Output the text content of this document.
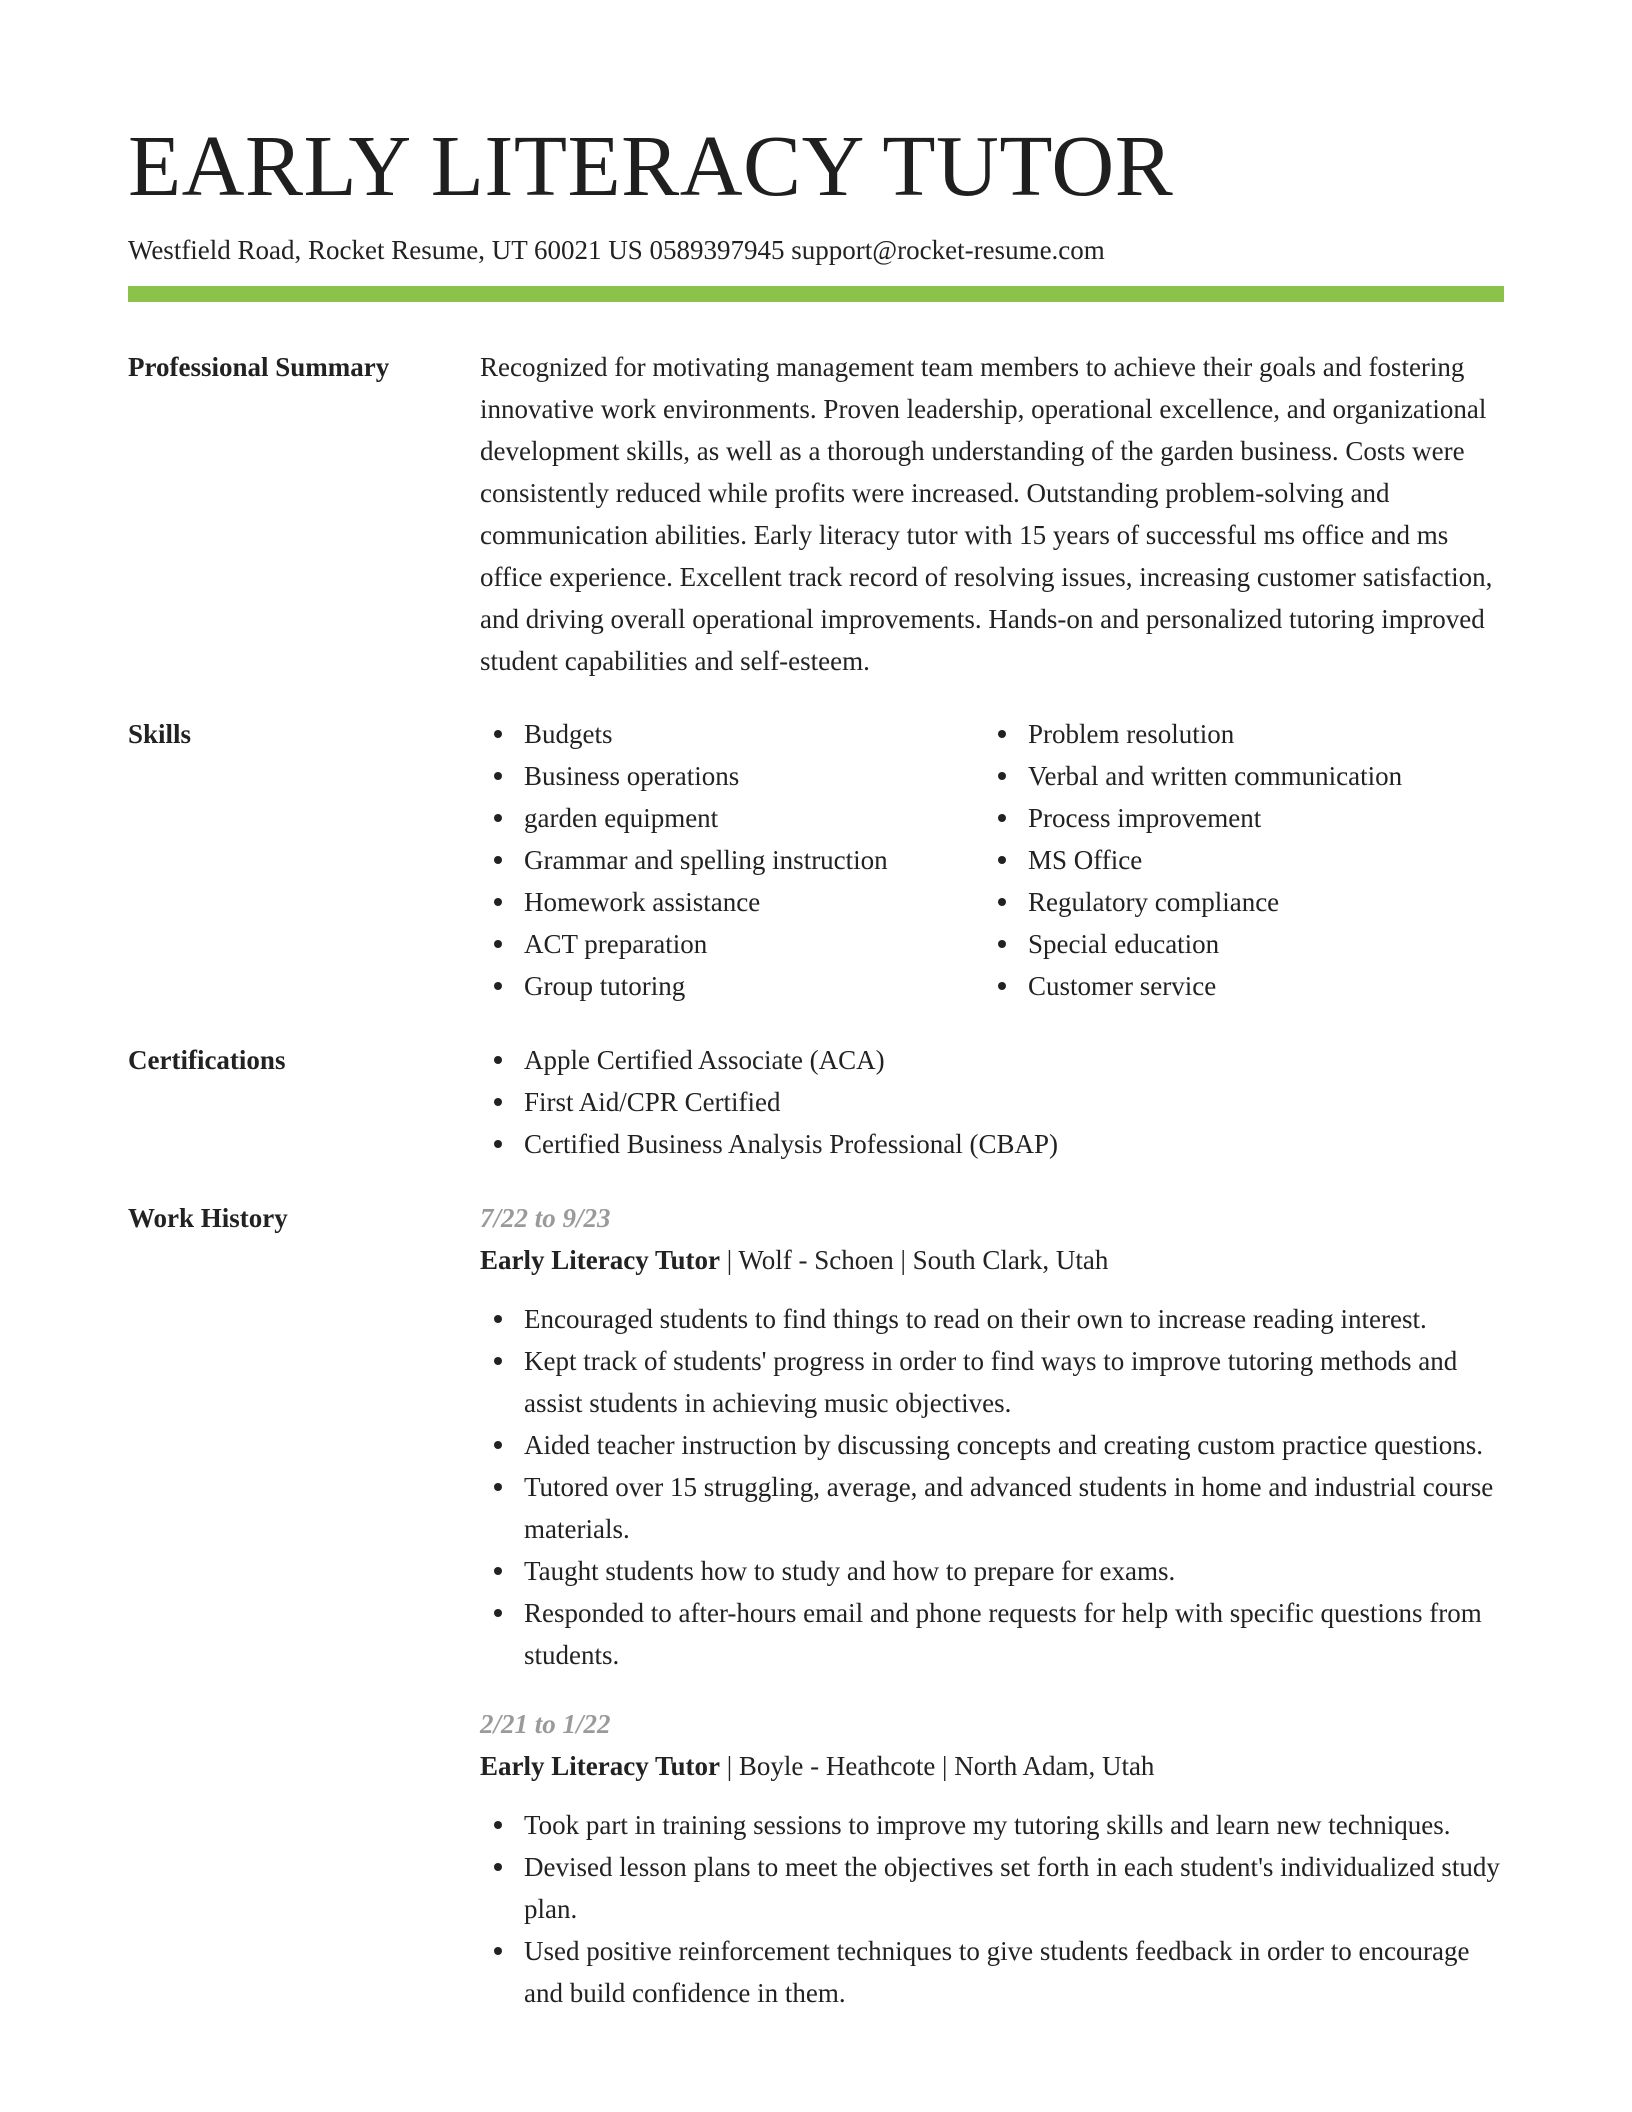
EARLY LITERACY TUTOR
Westfield Road, Rocket Resume, UT 60021 US 0589397945 support@rocket-resume.com
Professional Summary	Recognized for motivating management team members to achieve their goals and fostering innovative work environments. Proven leadership, operational excellence, and organizational development skills, as well as a thorough understanding of the garden business. Costs were consistently reduced while profits were increased. Outstanding problem-solving and communication abilities. Early literacy tutor with 15 years of successful ms office and ms office experience. Excellent track record of resolving issues, increasing customer satisfaction, and driving overall operational improvements. Hands-on and personalized tutoring improved student capabilities and self-esteem.
Skills	Budgets
Business operations
garden equipment
Grammar and spelling instruction
Homework assistance
ACT preparation
Group tutoring
Problem resolution
Verbal and written communication
Process improvement
MS Office
Regulatory compliance
Special education
Customer service
Certifications	Apple Certified Associate (ACA)
First Aid/CPR Certified
Certified Business Analysis Professional (CBAP)
Work History	7/22 to 9/23
Early Literacy Tutor | Wolf - Schoen | South Clark, Utah
Encouraged students to find things to read on their own to increase reading interest.
Kept track of students' progress in order to find ways to improve tutoring methods and assist students in achieving music objectives.
Aided teacher instruction by discussing concepts and creating custom practice questions.
Tutored over 15 struggling, average, and advanced students in home and industrial course materials.
Taught students how to study and how to prepare for exams.
Responded to after-hours email and phone requests for help with specific questions from students.
2/21 to 1/22
Early Literacy Tutor | Boyle - Heathcote | North Adam, Utah
Took part in training sessions to improve my tutoring skills and learn new techniques.
Devised lesson plans to meet the objectives set forth in each student's individualized study plan.
Used positive reinforcement techniques to give students feedback in order to encourage and build confidence in them.
